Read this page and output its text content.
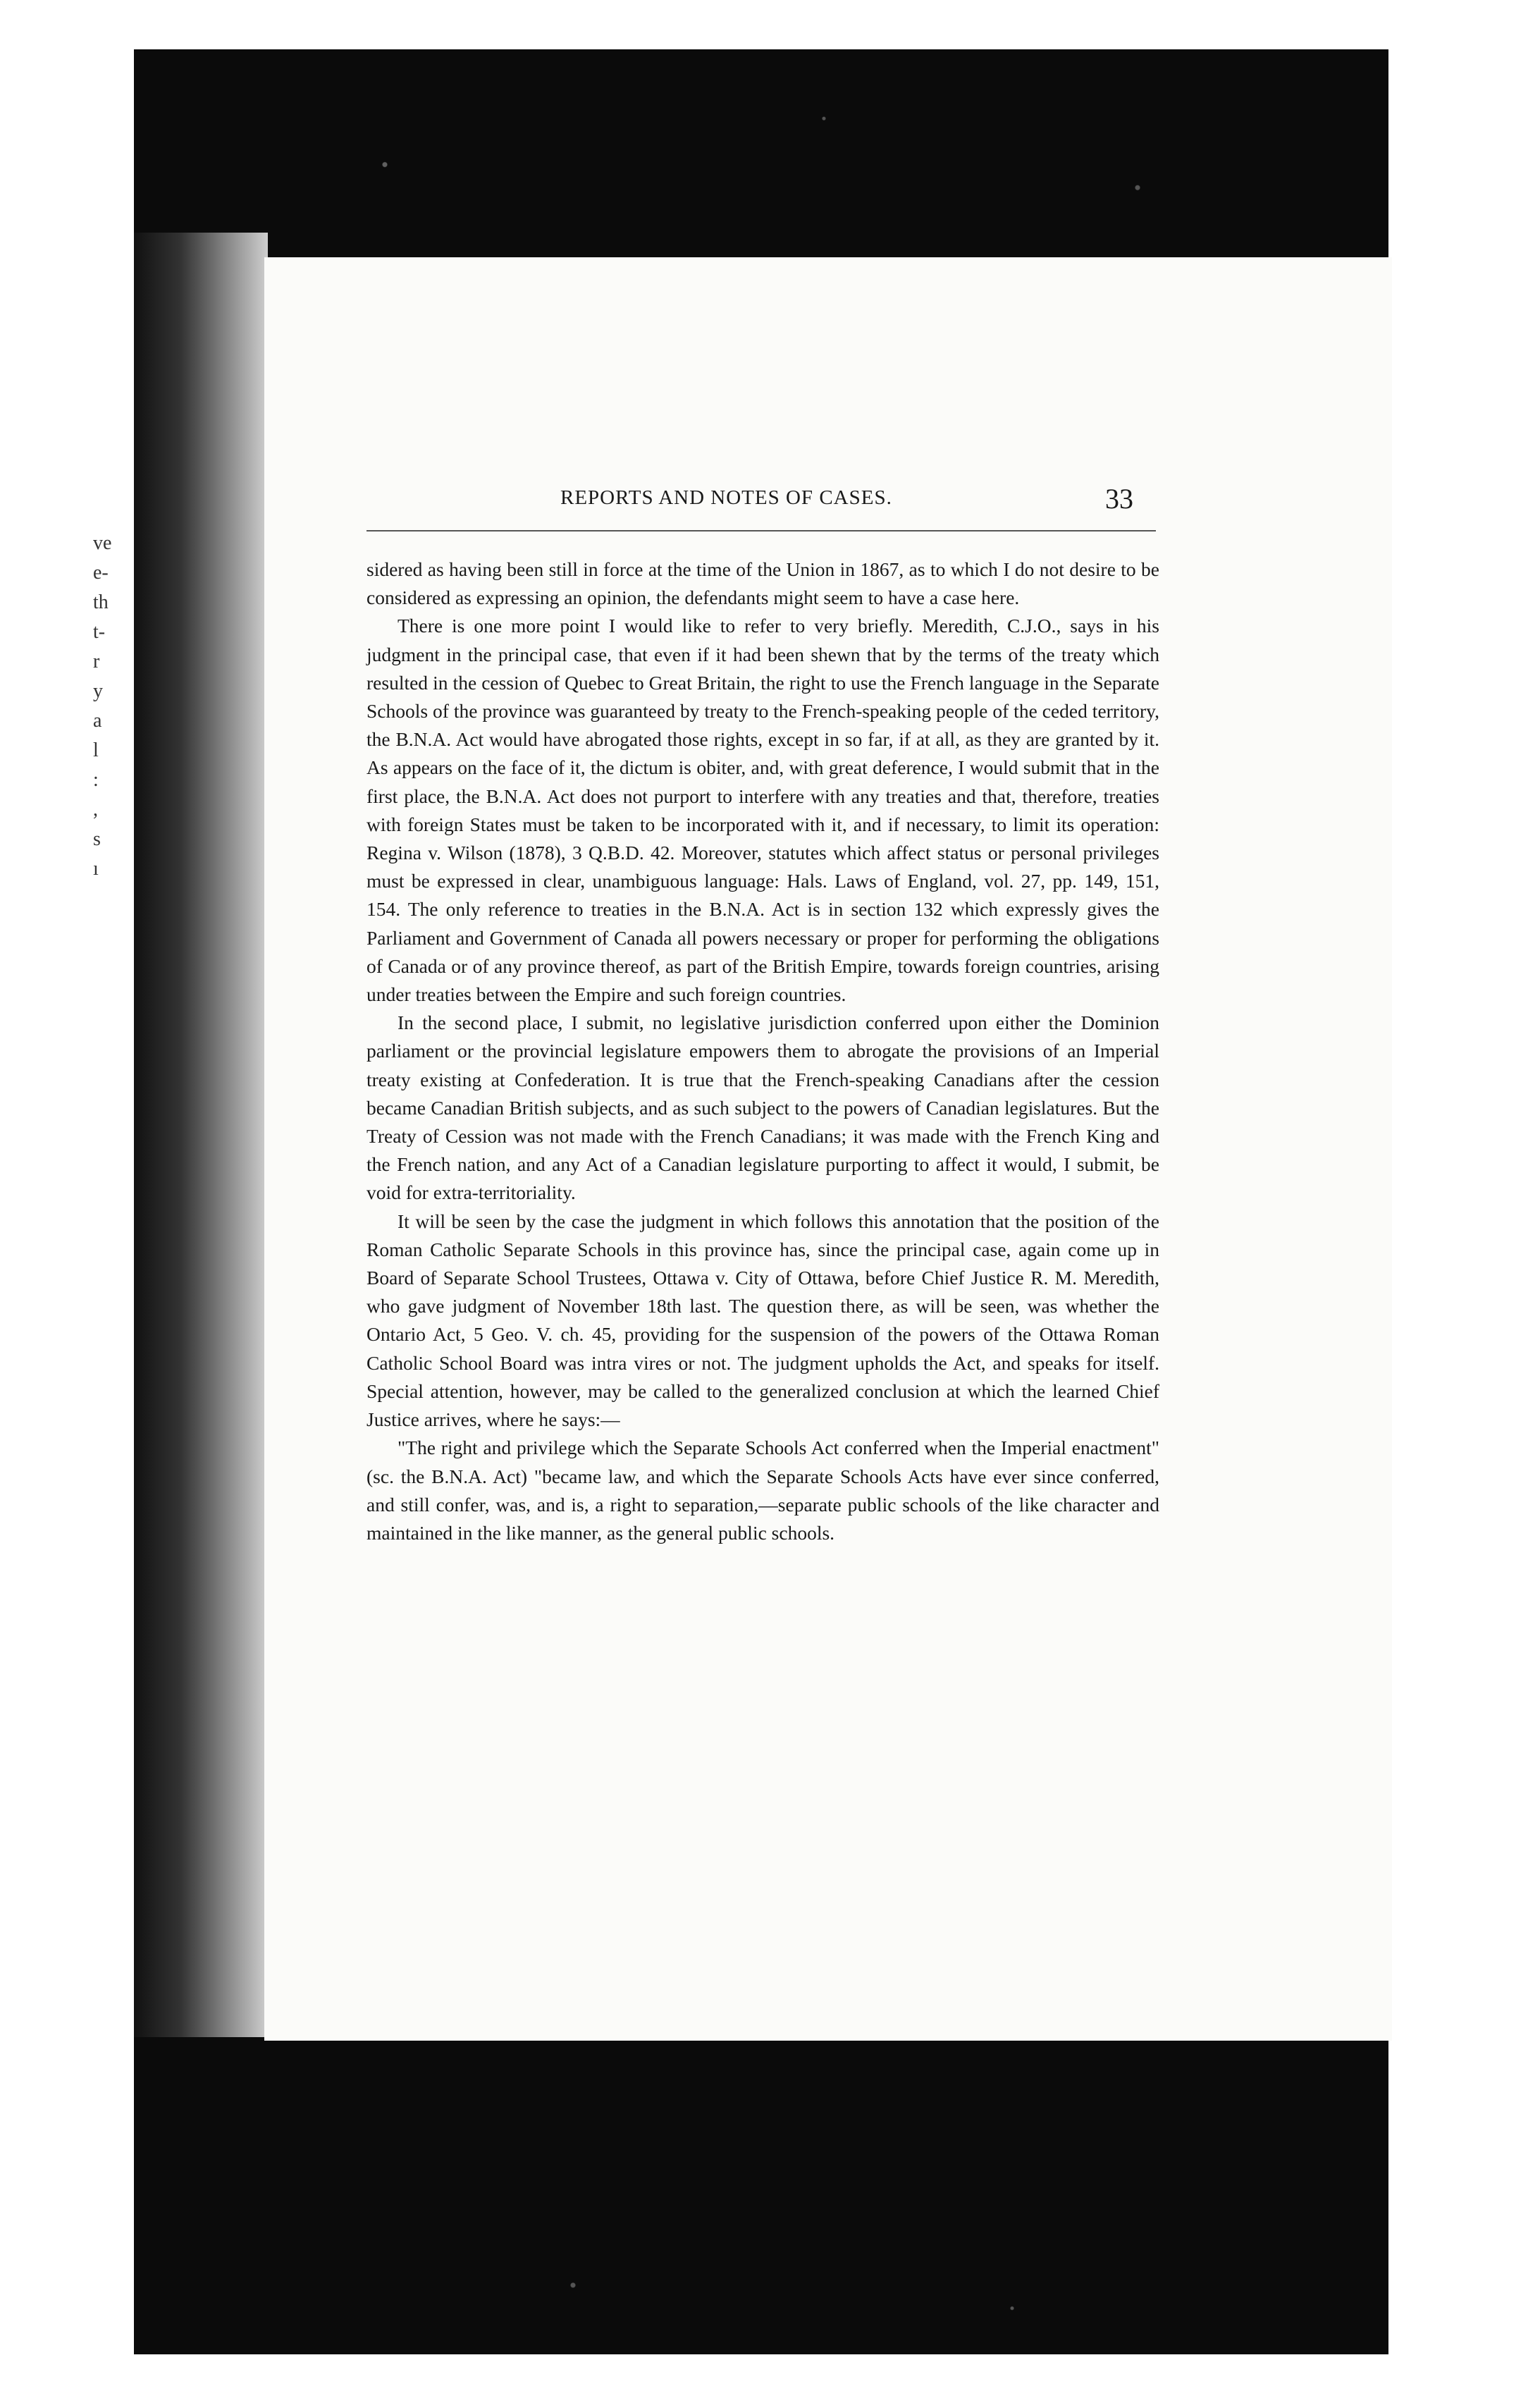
ve
e-
th
t-
r
y
a
l
:
,
s
ı
REPORTS AND NOTES OF CASES.	33

sidered as having been still in force at the time of the Union in 1867, as to which I do not desire to be considered as expressing an opinion, the defendants might seem to have a case here.

There is one more point I would like to refer to very briefly. Meredith, C.J.O., says in his judgment in the principal case, that even if it had been shewn that by the terms of the treaty which resulted in the cession of Quebec to Great Britain, the right to use the French language in the Separate Schools of the province was guaranteed by treaty to the French-speaking people of the ceded territory, the B.N.A. Act would have abrogated those rights, except in so far, if at all, as they are granted by it. As appears on the face of it, the dictum is obiter, and, with great deference, I would submit that in the first place, the B.N.A. Act does not purport to interfere with any treaties and that, therefore, treaties with foreign States must be taken to be incorporated with it, and if necessary, to limit its operation: Regina v. Wilson (1878), 3 Q.B.D. 42. Moreover, statutes which affect status or personal privileges must be expressed in clear, unambiguous language: Hals. Laws of England, vol. 27, pp. 149, 151, 154. The only reference to treaties in the B.N.A. Act is in section 132 which expressly gives the Parliament and Government of Canada all powers necessary or proper for performing the obligations of Canada or of any province thereof, as part of the British Empire, towards foreign countries, arising under treaties between the Empire and such foreign countries.

In the second place, I submit, no legislative jurisdiction conferred upon either the Dominion parliament or the provincial legislature empowers them to abrogate the provisions of an Imperial treaty existing at Confederation. It is true that the French-speaking Canadians after the cession became Canadian British subjects, and as such subject to the powers of Canadian legislatures. But the Treaty of Cession was not made with the French Canadians; it was made with the French King and the French nation, and any Act of a Canadian legislature purporting to affect it would, I submit, be void for extra-territoriality.

It will be seen by the case the judgment in which follows this annotation that the position of the Roman Catholic Separate Schools in this province has, since the principal case, again come up in Board of Separate School Trustees, Ottawa v. City of Ottawa, before Chief Justice R. M. Meredith, who gave judgment of November 18th last. The question there, as will be seen, was whether the Ontario Act, 5 Geo. V. ch. 45, providing for the suspension of the powers of the Ottawa Roman Catholic School Board was intra vires or not. The judgment upholds the Act, and speaks for itself. Special attention, however, may be called to the generalized conclusion at which the learned Chief Justice arrives, where he says:—

"The right and privilege which the Separate Schools Act conferred when the Imperial enactment" (sc. the B.N.A. Act) "became law, and which the Separate Schools Acts have ever since conferred, and still confer, was, and is, a right to separation,—separate public schools of the like character and maintained in the like manner, as the general public schools.
